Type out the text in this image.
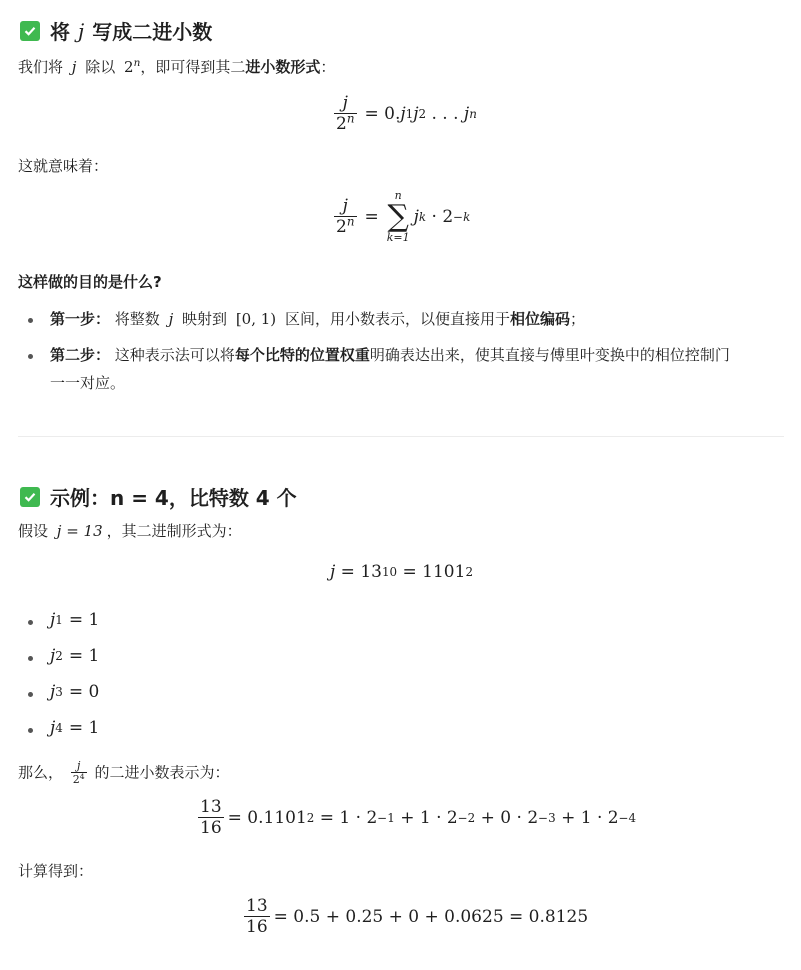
将 j 写成二进小数
我们将 j 除以 2$^n$，即可得到其二进小数形式：
$\frac{j}{2^n} = 0$. j 1 j 2 . . . j n
这就意味着：
$\frac{j}{2^n}$ =
n
∑
k=1
j k · 2 −k
这样做的目的是什么?
第一步： 将整数 j 映射到 [0, 1) 区间，用小数表示，以便直接用于相位编码；
第二步： 这种表示法可以将每个比特的位置权重明确表达出来，使其直接与傅里叶变换中的相位控制门
一一对应。
示例：n = 4，比特数 4 个
假设 j = 13 ，其二进制形式为：
j = 13 10 = 1101 2
j 1 = 1
j 2 = 1
j 3 = 0
j 4 = 1
那么， $\frac{j}{2^4}$ 的二进小数表示为：
$\frac{13}{16} = 0.1101$ 2 = 1 · 2 −1 + 1 · 2 −2 + 0 · 2 −3 + 1 · 2 −4
计算得到：
$\frac{13}{16} = 0.5 + 0.25 + 0 + 0.0625 = 0.8125$
